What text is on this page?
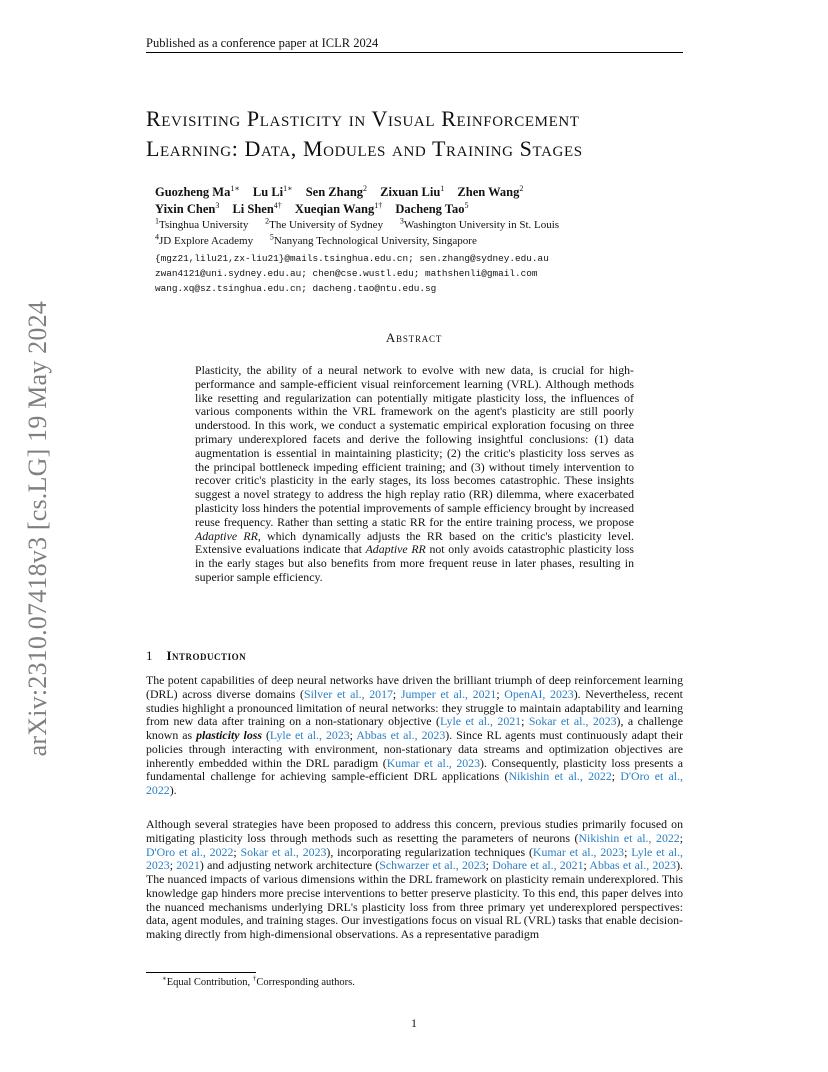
Published as a conference paper at ICLR 2024
arXiv:2310.07418v3 [cs.LG] 19 May 2024
Revisiting Plasticity in Visual Reinforcement
Learning: Data, Modules and Training Stages
Guozheng $Ma^{1∗}$ Lu $Li^{1∗}$ Sen Zhang$^2$ Zixuan Liu$^1$ Zhen Wang$^2$
Yixin Chen$^3$ Li Shen$^{4\dagger}$ Xueqian Wang$^{1\dagger}$ Dacheng Tao$^5$
$^1$Tsinghua University $^2$The University of Sydney $^3$Washington University in St. Louis
$^4$JD Explore Academy $^5$Nanyang Technological University, Singapore
{mgz21,lilu21,zx-liu21}@mails.tsinghua.edu.cn; sen.zhang@sydney.edu.au
zwan4121@uni.sydney.edu.au; chen@cse.wustl.edu; mathshenli@gmail.com
wang.xq@sz.tsinghua.edu.cn; dacheng.tao@ntu.edu.sg
Abstract

Plasticity, the ability of a neural network to evolve with new data, is crucial for high-performance and sample-efficient visual reinforcement learning (VRL). Although methods like resetting and regularization can potentially mitigate plasticity loss, the influences of various components within the VRL framework on the agent's plasticity are still poorly understood. In this work, we conduct a systematic empirical exploration focusing on three primary underexplored facets and derive the following insightful conclusions: (1) data augmentation is essential in maintaining plasticity; (2) the critic's plasticity loss serves as the principal bottleneck impeding efficient training; and (3) without timely intervention to recover critic's plasticity in the early stages, its loss becomes catastrophic. These insights suggest a novel strategy to address the high replay ratio (RR) dilemma, where exacerbated plasticity loss hinders the potential improvements of sample efficiency brought by increased reuse frequency. Rather than setting a static RR for the entire training process, we propose Adaptive RR, which dynamically adjusts the RR based on the critic's plasticity level. Extensive evaluations indicate that Adaptive RR not only avoids catastrophic plasticity loss in the early stages but also benefits from more frequent reuse in later phases, resulting in superior sample efficiency.

1 Introduction

The potent capabilities of deep neural networks have driven the brilliant triumph of deep reinforcement learning (DRL) across diverse domains (Silver et al., 2017; Jumper et al., 2021; OpenAI, 2023). Nevertheless, recent studies highlight a pronounced limitation of neural networks: they struggle to maintain adaptability and learning from new data after training on a non-stationary objective (Lyle et al., 2021; Sokar et al., 2023), a challenge known as plasticity loss (Lyle et al., 2023; Abbas et al., 2023). Since RL agents must continuously adapt their policies through interacting with environment, non-stationary data streams and optimization objectives are inherently embedded within the DRL paradigm (Kumar et al., 2023). Consequently, plasticity loss presents a fundamental challenge for achieving sample-efficient DRL applications (Nikishin et al., 2022; D'Oro et al., 2022).

Although several strategies have been proposed to address this concern, previous studies primarily focused on mitigating plasticity loss through methods such as resetting the parameters of neurons (Nikishin et al., 2022; D'Oro et al., 2022; Sokar et al., 2023), incorporating regularization techniques (Kumar et al., 2023; Lyle et al., 2023; 2021) and adjusting network architecture (Schwarzer et al., 2023; Dohare et al., 2021; Abbas et al., 2023). The nuanced impacts of various dimensions within the DRL framework on plasticity remain underexplored. This knowledge gap hinders more precise interventions to better preserve plasticity. To this end, this paper delves into the nuanced mechanisms underlying DRL's plasticity loss from three primary yet underexplored perspectives: data, agent modules, and training stages. Our investigations focus on visual RL (VRL) tasks that enable decision-making directly from high-dimensional observations. As a representative paradigm

∗Equal Contribution, †Corresponding authors.
1
